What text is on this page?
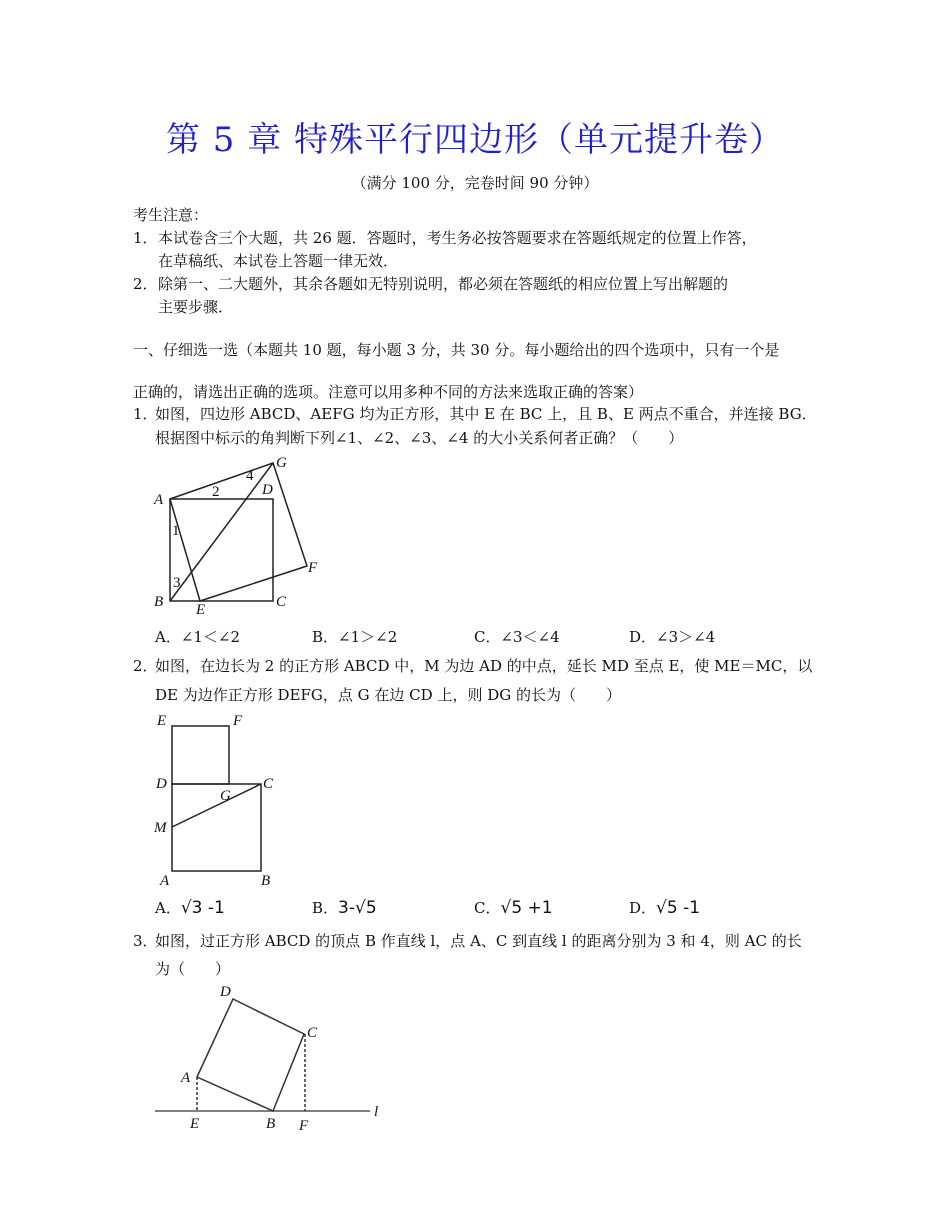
第 5 章 特殊平行四边形（单元提升卷）
（满分 100 分，完卷时间 90 分钟）
考生注意：
1． 本试卷含三个大题，共 26 题．答题时，考生务必按答题要求在答题纸规定的位置上作答，
在草稿纸、本试卷上答题一律无效．
2． 除第一、二大题外，其余各题如无特别说明，都必须在答题纸的相应位置上写出解题的
主要步骤．
一、仔细选一选（本题共 10 题，每小题 3 分，共 30 分。每小题给出的四个选项中，只有一个是
正确的，请选出正确的选项。注意可以用多种不同的方法来选取正确的答案）
1．
如图，四边形 ABCD、AEFG 均为正方形，其中 E 在 BC 上，且 B、E 两点不重合，并连接 BG．
根据图中标示的角判断下列∠1、∠2、∠3、∠4 的大小关系何者正确？（　　）
A
B	C
D
E
F
G
1
2
3
4
A．∠1＜∠2	B．∠1＞∠2	C．∠3＜∠4	D．∠3＞∠4
2．
如图，在边长为 2 的正方形 ABCD 中，M 为边 AD 的中点，延长 MD 至点 E，使 ME＝MC，以
DE 为边作正方形 DEFG，点 G 在边 CD 上，则 DG 的长为（　　）
E	F
D	C
G
M
A	B
A．√3 -1	B．3-√5	C．√5 +1	D．√5 -1
3．
如图，过正方形 ABCD 的顶点 B 作直线 l，点 A、C 到直线 l 的距离分别为 3 和 4，则 AC 的长
为（　　）
D
C
A
E	B F
l
